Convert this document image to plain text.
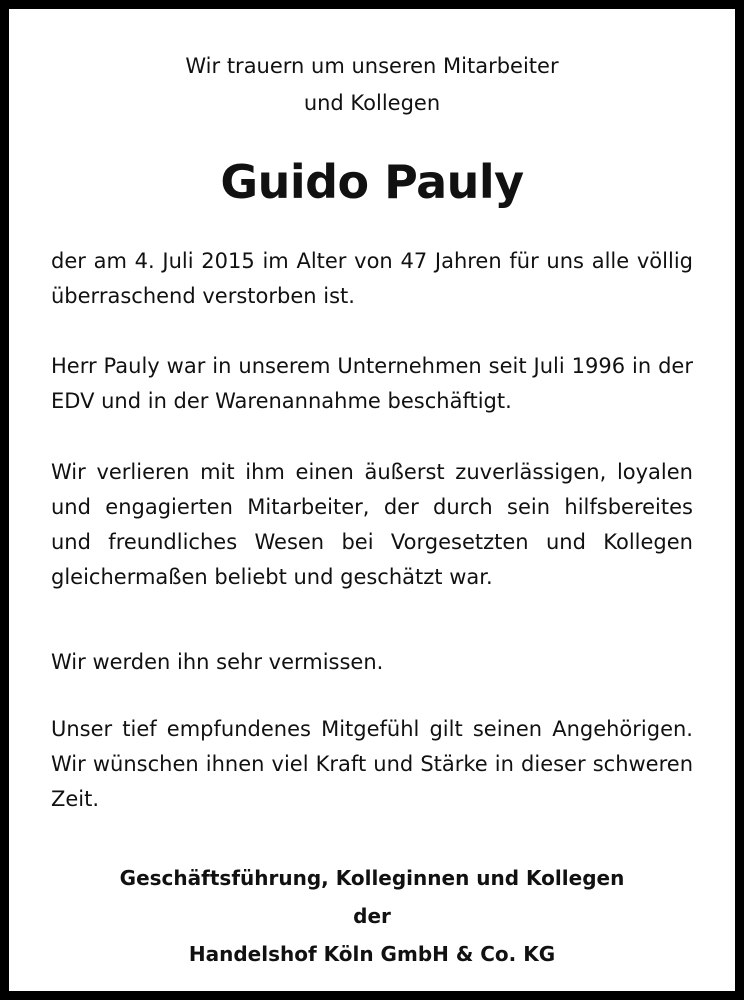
Wir trauern um unseren Mitarbeiter
und Kollegen
Guido Pauly

der am 4. Juli 2015 im Alter von 47 Jahren für uns alle völlig überraschend verstorben ist.

Herr Pauly war in unserem Unternehmen seit Juli 1996 in der EDV und in der Warenannahme beschäftigt.

Wir verlieren mit ihm einen äußerst zuverlässigen, loyalen und engagierten Mitarbeiter, der durch sein hilfsbereites und freundliches Wesen bei Vorgesetzten und Kollegen gleichermaßen beliebt und geschätzt war.

Wir werden ihn sehr vermissen.

Unser tief empfundenes Mitgefühl gilt seinen Angehörigen. Wir wünschen ihnen viel Kraft und Stärke in dieser schweren Zeit.

Geschäftsführung, Kolleginnen und Kollegen
der
Handelshof Köln GmbH & Co. KG
